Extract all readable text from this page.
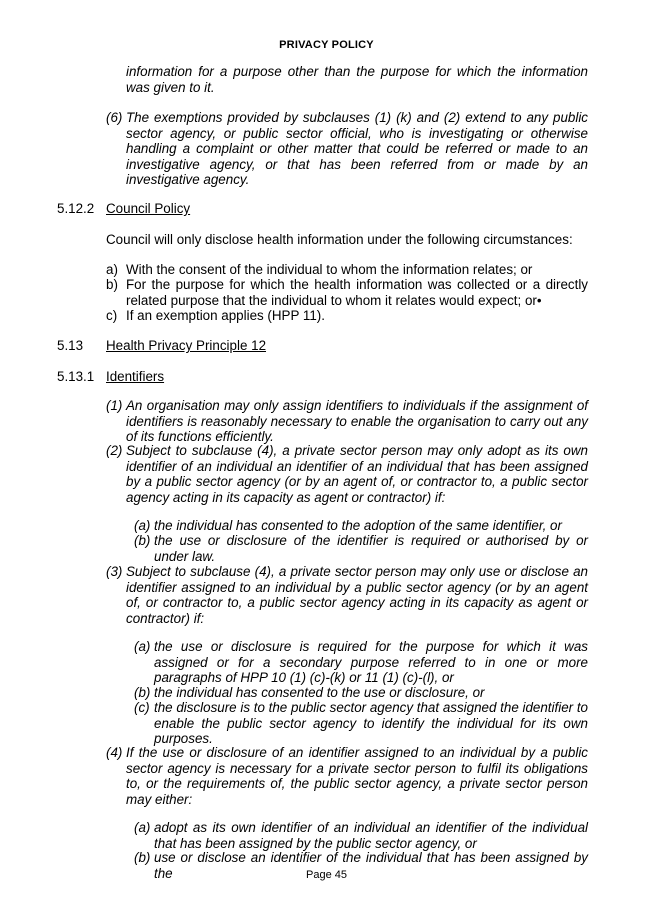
PRIVACY POLICY
information for a purpose other than the purpose for which the information was given to it.
(6) The exemptions provided by subclauses (1) (k) and (2) extend to any public sector agency, or public sector official, who is investigating or otherwise handling a complaint or other matter that could be referred or made to an investigative agency, or that has been referred from or made by an investigative agency.
5.12.2 Council Policy
Council will only disclose health information under the following circumstances:
a) With the consent of the individual to whom the information relates; or
b) For the purpose for which the health information was collected or a directly related purpose that the individual to whom it relates would expect; or•
c) If an exemption applies (HPP 11).
5.13 Health Privacy Principle 12
5.13.1 Identifiers
(1) An organisation may only assign identifiers to individuals if the assignment of identifiers is reasonably necessary to enable the organisation to carry out any of its functions efficiently.
(2) Subject to subclause (4), a private sector person may only adopt as its own identifier of an individual an identifier of an individual that has been assigned by a public sector agency (or by an agent of, or contractor to, a public sector agency acting in its capacity as agent or contractor) if:
(a) the individual has consented to the adoption of the same identifier, or
(b) the use or disclosure of the identifier is required or authorised by or under law.
(3) Subject to subclause (4), a private sector person may only use or disclose an identifier assigned to an individual by a public sector agency (or by an agent of, or contractor to, a public sector agency acting in its capacity as agent or contractor) if:
(a) the use or disclosure is required for the purpose for which it was assigned or for a secondary purpose referred to in one or more paragraphs of HPP 10 (1) (c)-(k) or 11 (1) (c)-(l), or
(b) the individual has consented to the use or disclosure, or
(c) the disclosure is to the public sector agency that assigned the identifier to enable the public sector agency to identify the individual for its own purposes.
(4) If the use or disclosure of an identifier assigned to an individual by a public sector agency is necessary for a private sector person to fulfil its obligations to, or the requirements of, the public sector agency, a private sector person may either:
(a) adopt as its own identifier of an individual an identifier of the individual that has been assigned by the public sector agency, or
(b) use or disclose an identifier of the individual that has been assigned by the	Page 45
